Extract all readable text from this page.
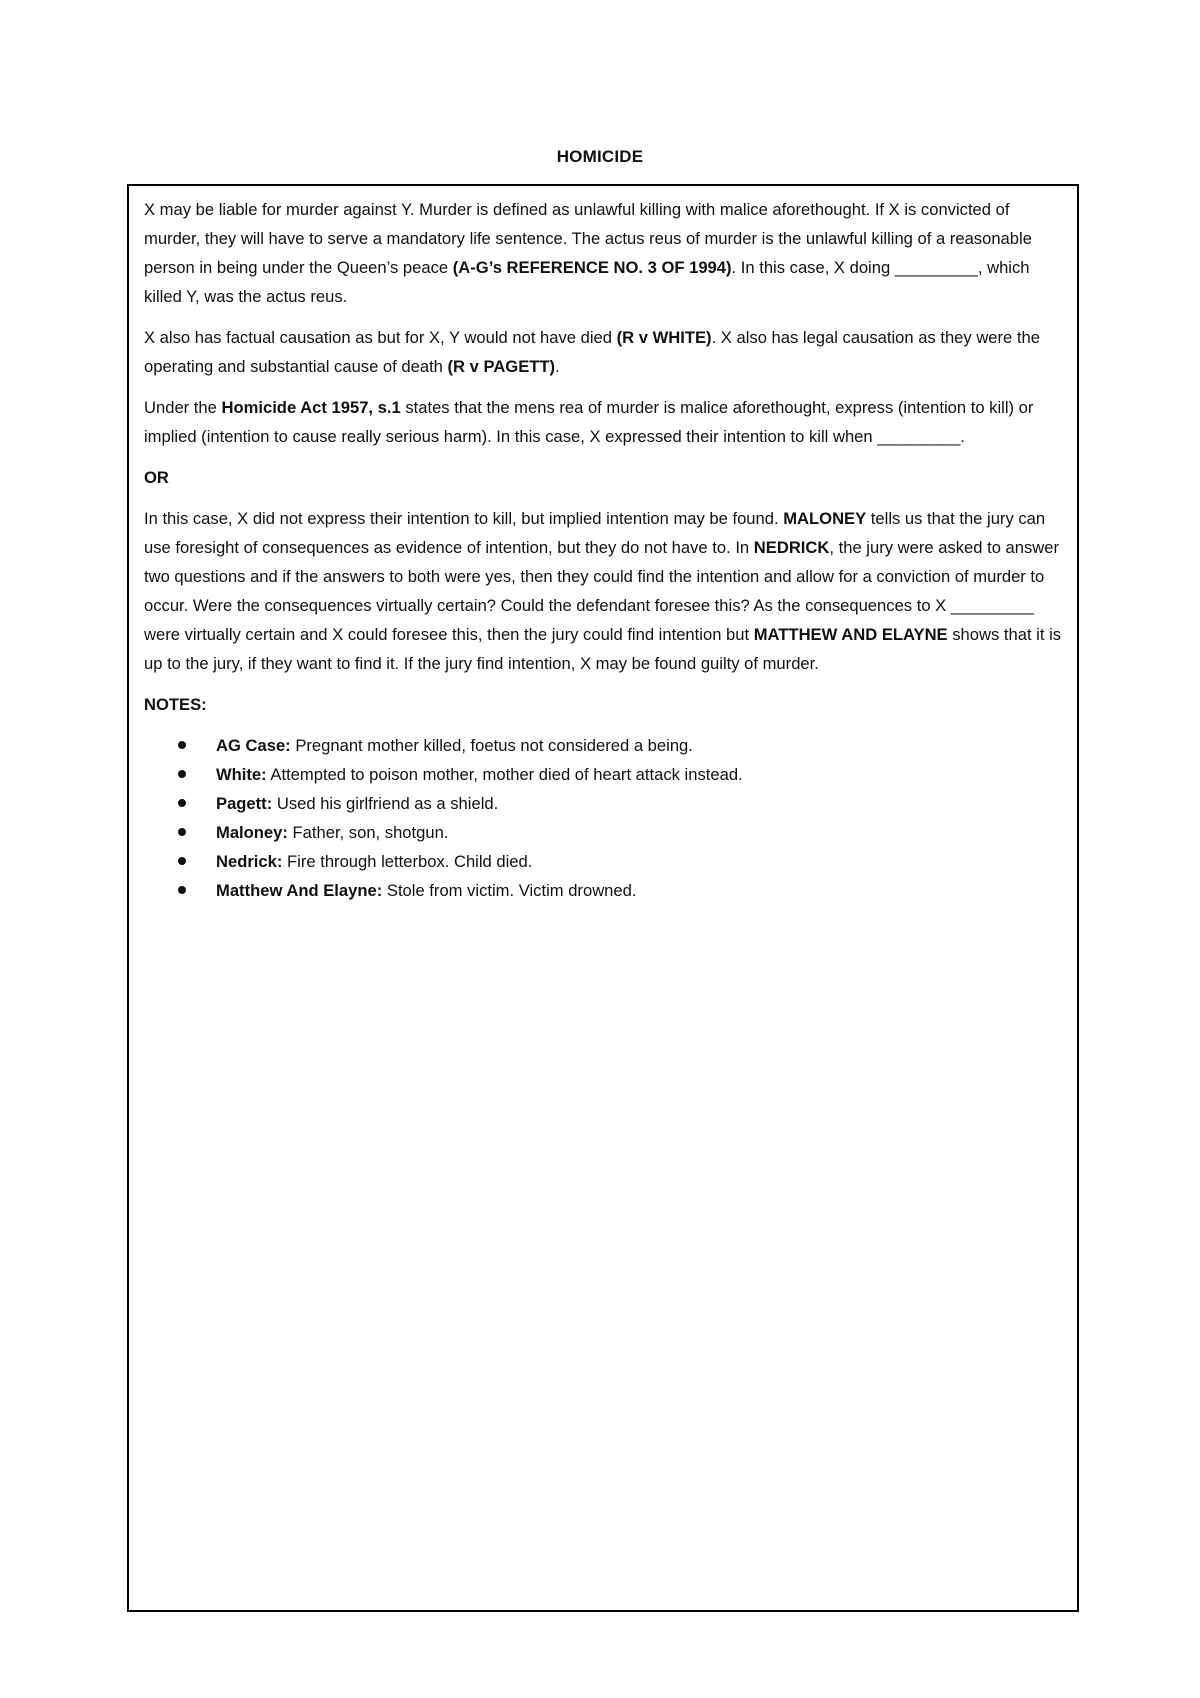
HOMICIDE

X may be liable for murder against Y. Murder is defined as unlawful killing with malice aforethought. If X is convicted of murder, they will have to serve a mandatory life sentence. The actus reus of murder is the unlawful killing of a reasonable person in being under the Queen’s peace (A-G’s REFERENCE NO. 3 OF 1994). In this case, X doing _________, which killed Y, was the actus reus.

X also has factual causation as but for X, Y would not have died (R v WHITE). X also has legal causation as they were the operating and substantial cause of death (R v PAGETT).

Under the Homicide Act 1957, s.1 states that the mens rea of murder is malice aforethought, express (intention to kill) or implied (intention to cause really serious harm). In this case, X expressed their intention to kill when _________.

OR

In this case, X did not express their intention to kill, but implied intention may be found. MALONEY tells us that the jury can use foresight of consequences as evidence of intention, but they do not have to. In NEDRICK, the jury were asked to answer two questions and if the answers to both were yes, then they could find the intention and allow for a conviction of murder to occur. Were the consequences virtually certain? Could the defendant foresee this? As the consequences to X _________ were virtually certain and X could foresee this, then the jury could find intention but MATTHEW AND ELAYNE shows that it is up to the jury, if they want to find it. If the jury find intention, X may be found guilty of murder.

NOTES:

AG Case: Pregnant mother killed, foetus not considered a being.
White: Attempted to poison mother, mother died of heart attack instead.
Pagett: Used his girlfriend as a shield.
Maloney: Father, son, shotgun.
Nedrick: Fire through letterbox. Child died.
Matthew And Elayne: Stole from victim. Victim drowned.
